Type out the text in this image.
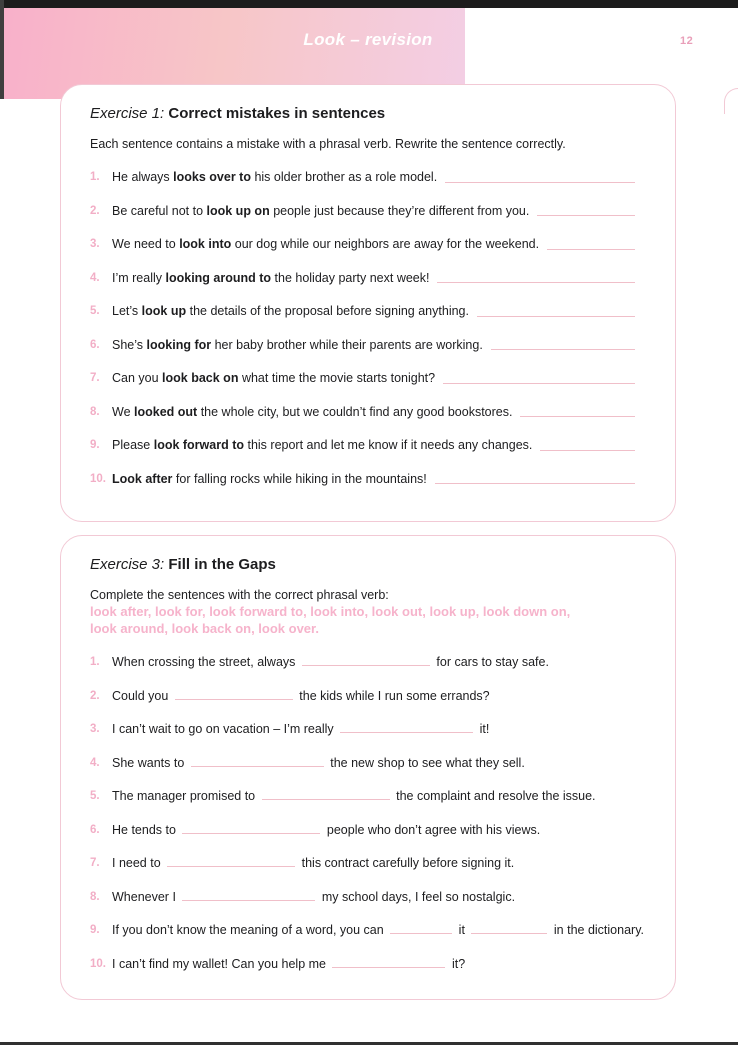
Look – revision	12
Exercise 1: Correct mistakes in sentences
Each sentence contains a mistake with a phrasal verb. Rewrite the sentence correctly.
1. He always looks over to his older brother as a role model.
2. Be careful not to look up on people just because they’re different from you.
3. We need to look into our dog while our neighbors are away for the weekend.
4. I’m really looking around to the holiday party next week!
5. Let’s look up the details of the proposal before signing anything.
6. She’s looking for her baby brother while their parents are working.
7. Can you look back on what time the movie starts tonight?
8. We looked out the whole city, but we couldn’t find any good bookstores.
9. Please look forward to this report and let me know if it needs any changes.
10. Look after for falling rocks while hiking in the mountains!
Exercise 3: Fill in the Gaps
Complete the sentences with the correct phrasal verb:
look after, look for, look forward to, look into, look out, look up, look down on,
look around, look back on, look over.
1. When crossing the street, always	for cars to stay safe.
2. Could you	the kids while I run some errands?
3. I can’t wait to go on vacation – I’m really	it!
4. She wants to	the new shop to see what they sell.
5. The manager promised to	the complaint and resolve the issue.
6. He tends to	people who don’t agree with his views.
7. I need to	this contract carefully before signing it.
8. Whenever I	my school days, I feel so nostalgic.
9. If you don’t know the meaning of a word, you can	it	in the dictionary.
10. I can’t find my wallet! Can you help me	it?
